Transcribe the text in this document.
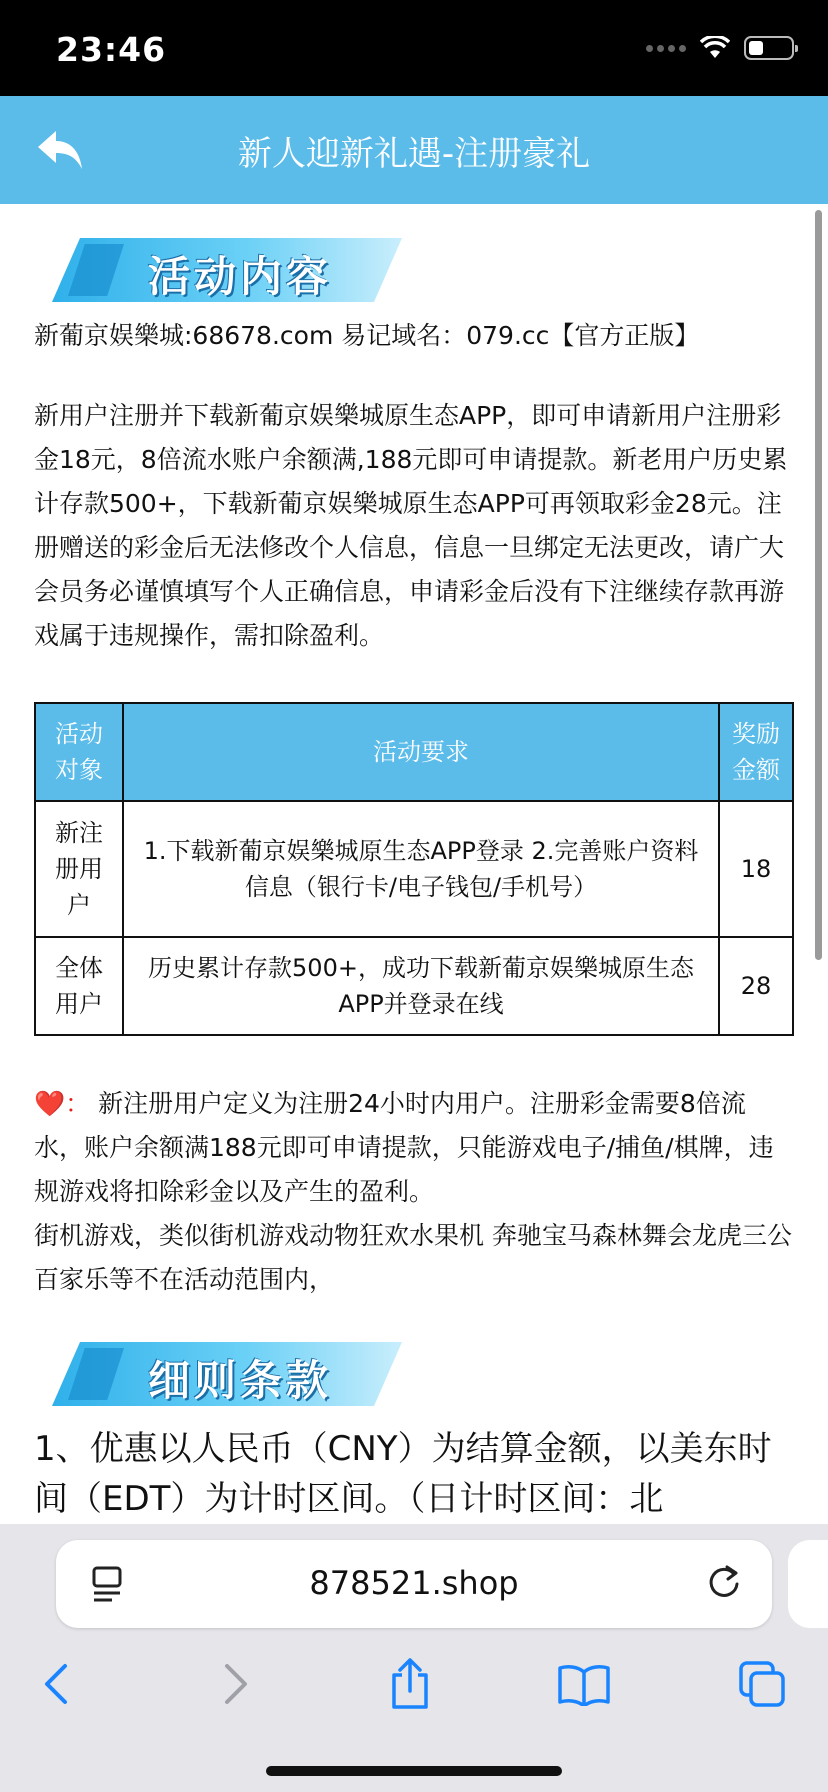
23:46
新人迎新礼遇-注册豪礼
活动内容
新葡京娱樂城:68678.com 易记域名：079.cc【官方正版】
新用户注册并下载新葡京娱樂城原生态APP，即可申请新用户注册彩金18元，8倍流水账户余额满,188元即可申请提款。新老用户历史累计存款500+，下载新葡京娱樂城原生态APP可再领取彩金28元。注册赠送的彩金后无法修改个人信息，信息一旦绑定无法更改，请广大会员务必谨慎填写个人正确信息，申请彩金后没有下注继续存款再游戏属于违规操作，需扣除盈利。
活动对象	活动要求	奖励金额
新注册用户	1.下载新葡京娱樂城原生态APP登录 2.完善账户资料信息（银行卡/电子钱包/手机号）	18
全体用户	历史累计存款500+，成功下载新葡京娱樂城原生态APP并登录在线	28
❤️： 新注册用户定义为注册24小时内用户。注册彩金需要8倍流水，账户余额满188元即可申请提款，只能游戏电子/捕鱼/棋牌，违规游戏将扣除彩金以及产生的盈利。
街机游戏，类似街机游戏动物狂欢水果机 奔驰宝马森林舞会龙虎三公百家乐等不在活动范围内，
细则条款
1、优惠以人民币（CNY）为结算金额，以美东时间（EDT）为计时区间。（日计时区间：北
878521.shop
